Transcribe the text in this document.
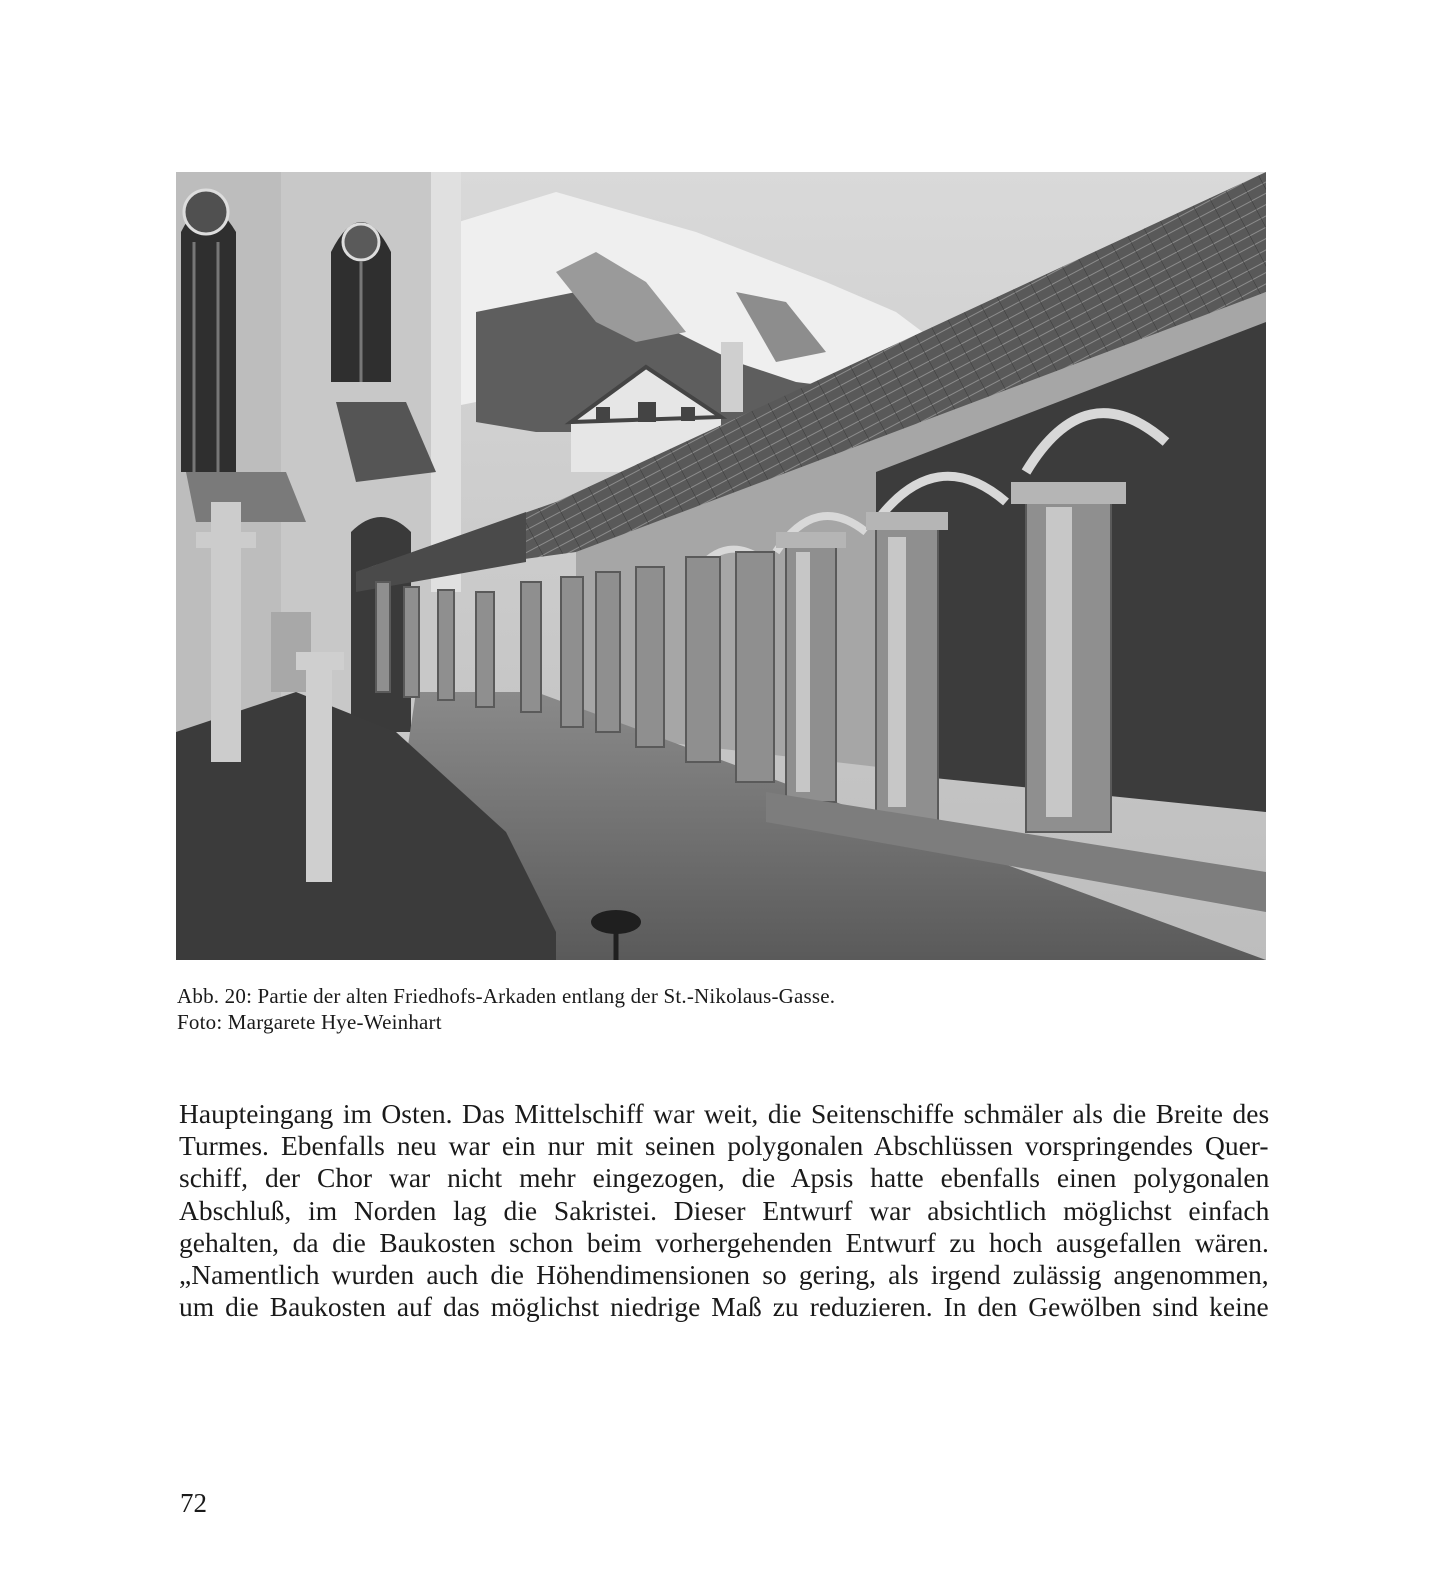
Abb. 20: Partie der alten Friedhofs-Arkaden entlang der St.-Nikolaus-Gasse.
Foto: Margarete Hye-Weinhart
Haupteingang im Osten. Das Mittelschiff war weit, die Seitenschiffe schmäler als die Breite des
Turmes. Ebenfalls neu war ein nur mit seinen polygonalen Abschlüssen vorspringendes Quer-
schiff, der Chor war nicht mehr eingezogen, die Apsis hatte ebenfalls einen polygonalen
Abschluß, im Norden lag die Sakristei. Dieser Entwurf war absichtlich möglichst einfach
gehalten, da die Baukosten schon beim vorhergehenden Entwurf zu hoch ausgefallen wären.
„Namentlich wurden auch die Höhendimensionen so gering, als irgend zulässig angenommen,
um die Baukosten auf das möglichst niedrige Maß zu reduzieren. In den Gewölben sind keine
72
